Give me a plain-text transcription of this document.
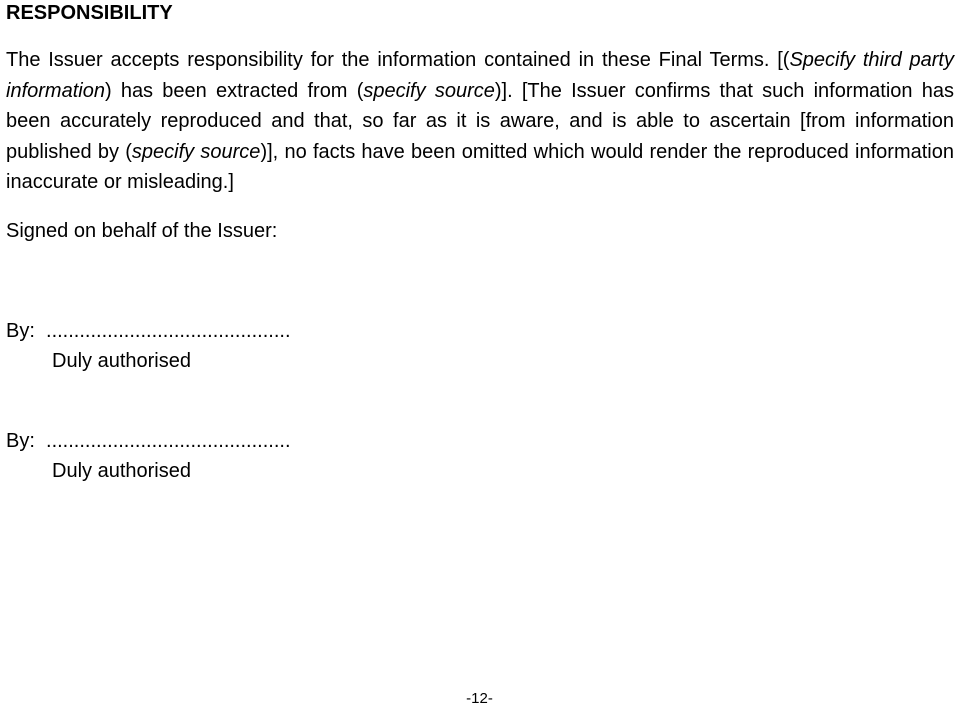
RESPONSIBILITY

The Issuer accepts responsibility for the information contained in these Final Terms. [(Specify third party information) has been extracted from (specify source)]. [The Issuer confirms that such information has been accurately reproduced and that, so far as it is aware, and is able to ascertain [from information published by (specify source)], no facts have been omitted which would render the reproduced information inaccurate or misleading.]

Signed on behalf of the Issuer:

By:  ............................................
Duly authorised
By:  ............................................
Duly authorised
-12-
